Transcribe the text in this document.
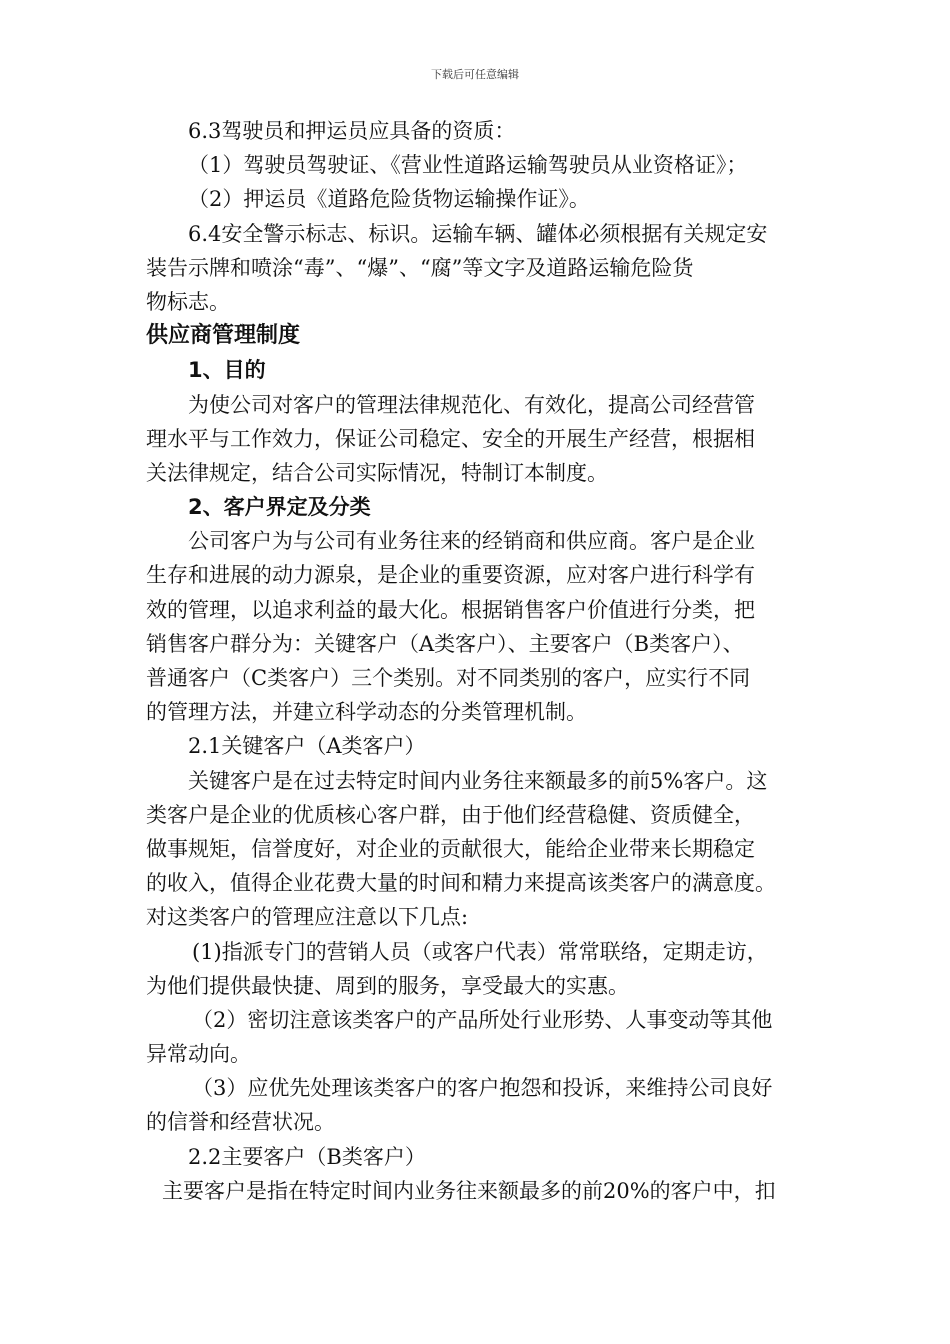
下载后可任意编辑
6.3驾驶员和押运员应具备的资质：
（1）驾驶员驾驶证、《营业性道路运输驾驶员从业资格证》；
（2）押运员《道路危险货物运输操作证》。
6.4安全警示标志、标识。运输车辆、罐体必须根据有关规定安
装告示牌和喷涂“毒”、“爆”、“腐”等文字及道路运输危险货
物标志。
供应商管理制度
1、目的
为使公司对客户的管理法律规范化、有效化，提高公司经营管
理水平与工作效力，保证公司稳定、安全的开展生产经营，根据相
关法律规定，结合公司实际情况，特制订本制度。
2、客户界定及分类
公司客户为与公司有业务往来的经销商和供应商。客户是企业
生存和进展的动力源泉，是企业的重要资源，应对客户进行科学有
效的管理，以追求利益的最大化。根据销售客户价值进行分类，把
销售客户群分为：关键客户（A类客户）、主要客户（B类客户）、
普通客户（C类客户）三个类别。对不同类别的客户，应实行不同
的管理方法，并建立科学动态的分类管理机制。
2.1关键客户（A类客户）
关键客户是在过去特定时间内业务往来额最多的前5%客户。这
类客户是企业的优质核心客户群，由于他们经营稳健、资质健全，
做事规矩，信誉度好，对企业的贡献很大，能给企业带来长期稳定
的收入，值得企业花费大量的时间和精力来提高该类客户的满意度。
对这类客户的管理应注意以下几点:
(1)指派专门的营销人员（或客户代表）常常联络，定期走访，
为他们提供最快捷、周到的服务，享受最大的实惠。
（2）密切注意该类客户的产品所处行业形势、人事变动等其他
异常动向。
（3）应优先处理该类客户的客户抱怨和投诉，来维持公司良好
的信誉和经营状况。
2.2主要客户（B类客户）
主要客户是指在特定时间内业务往来额最多的前20%的客户中，扣
